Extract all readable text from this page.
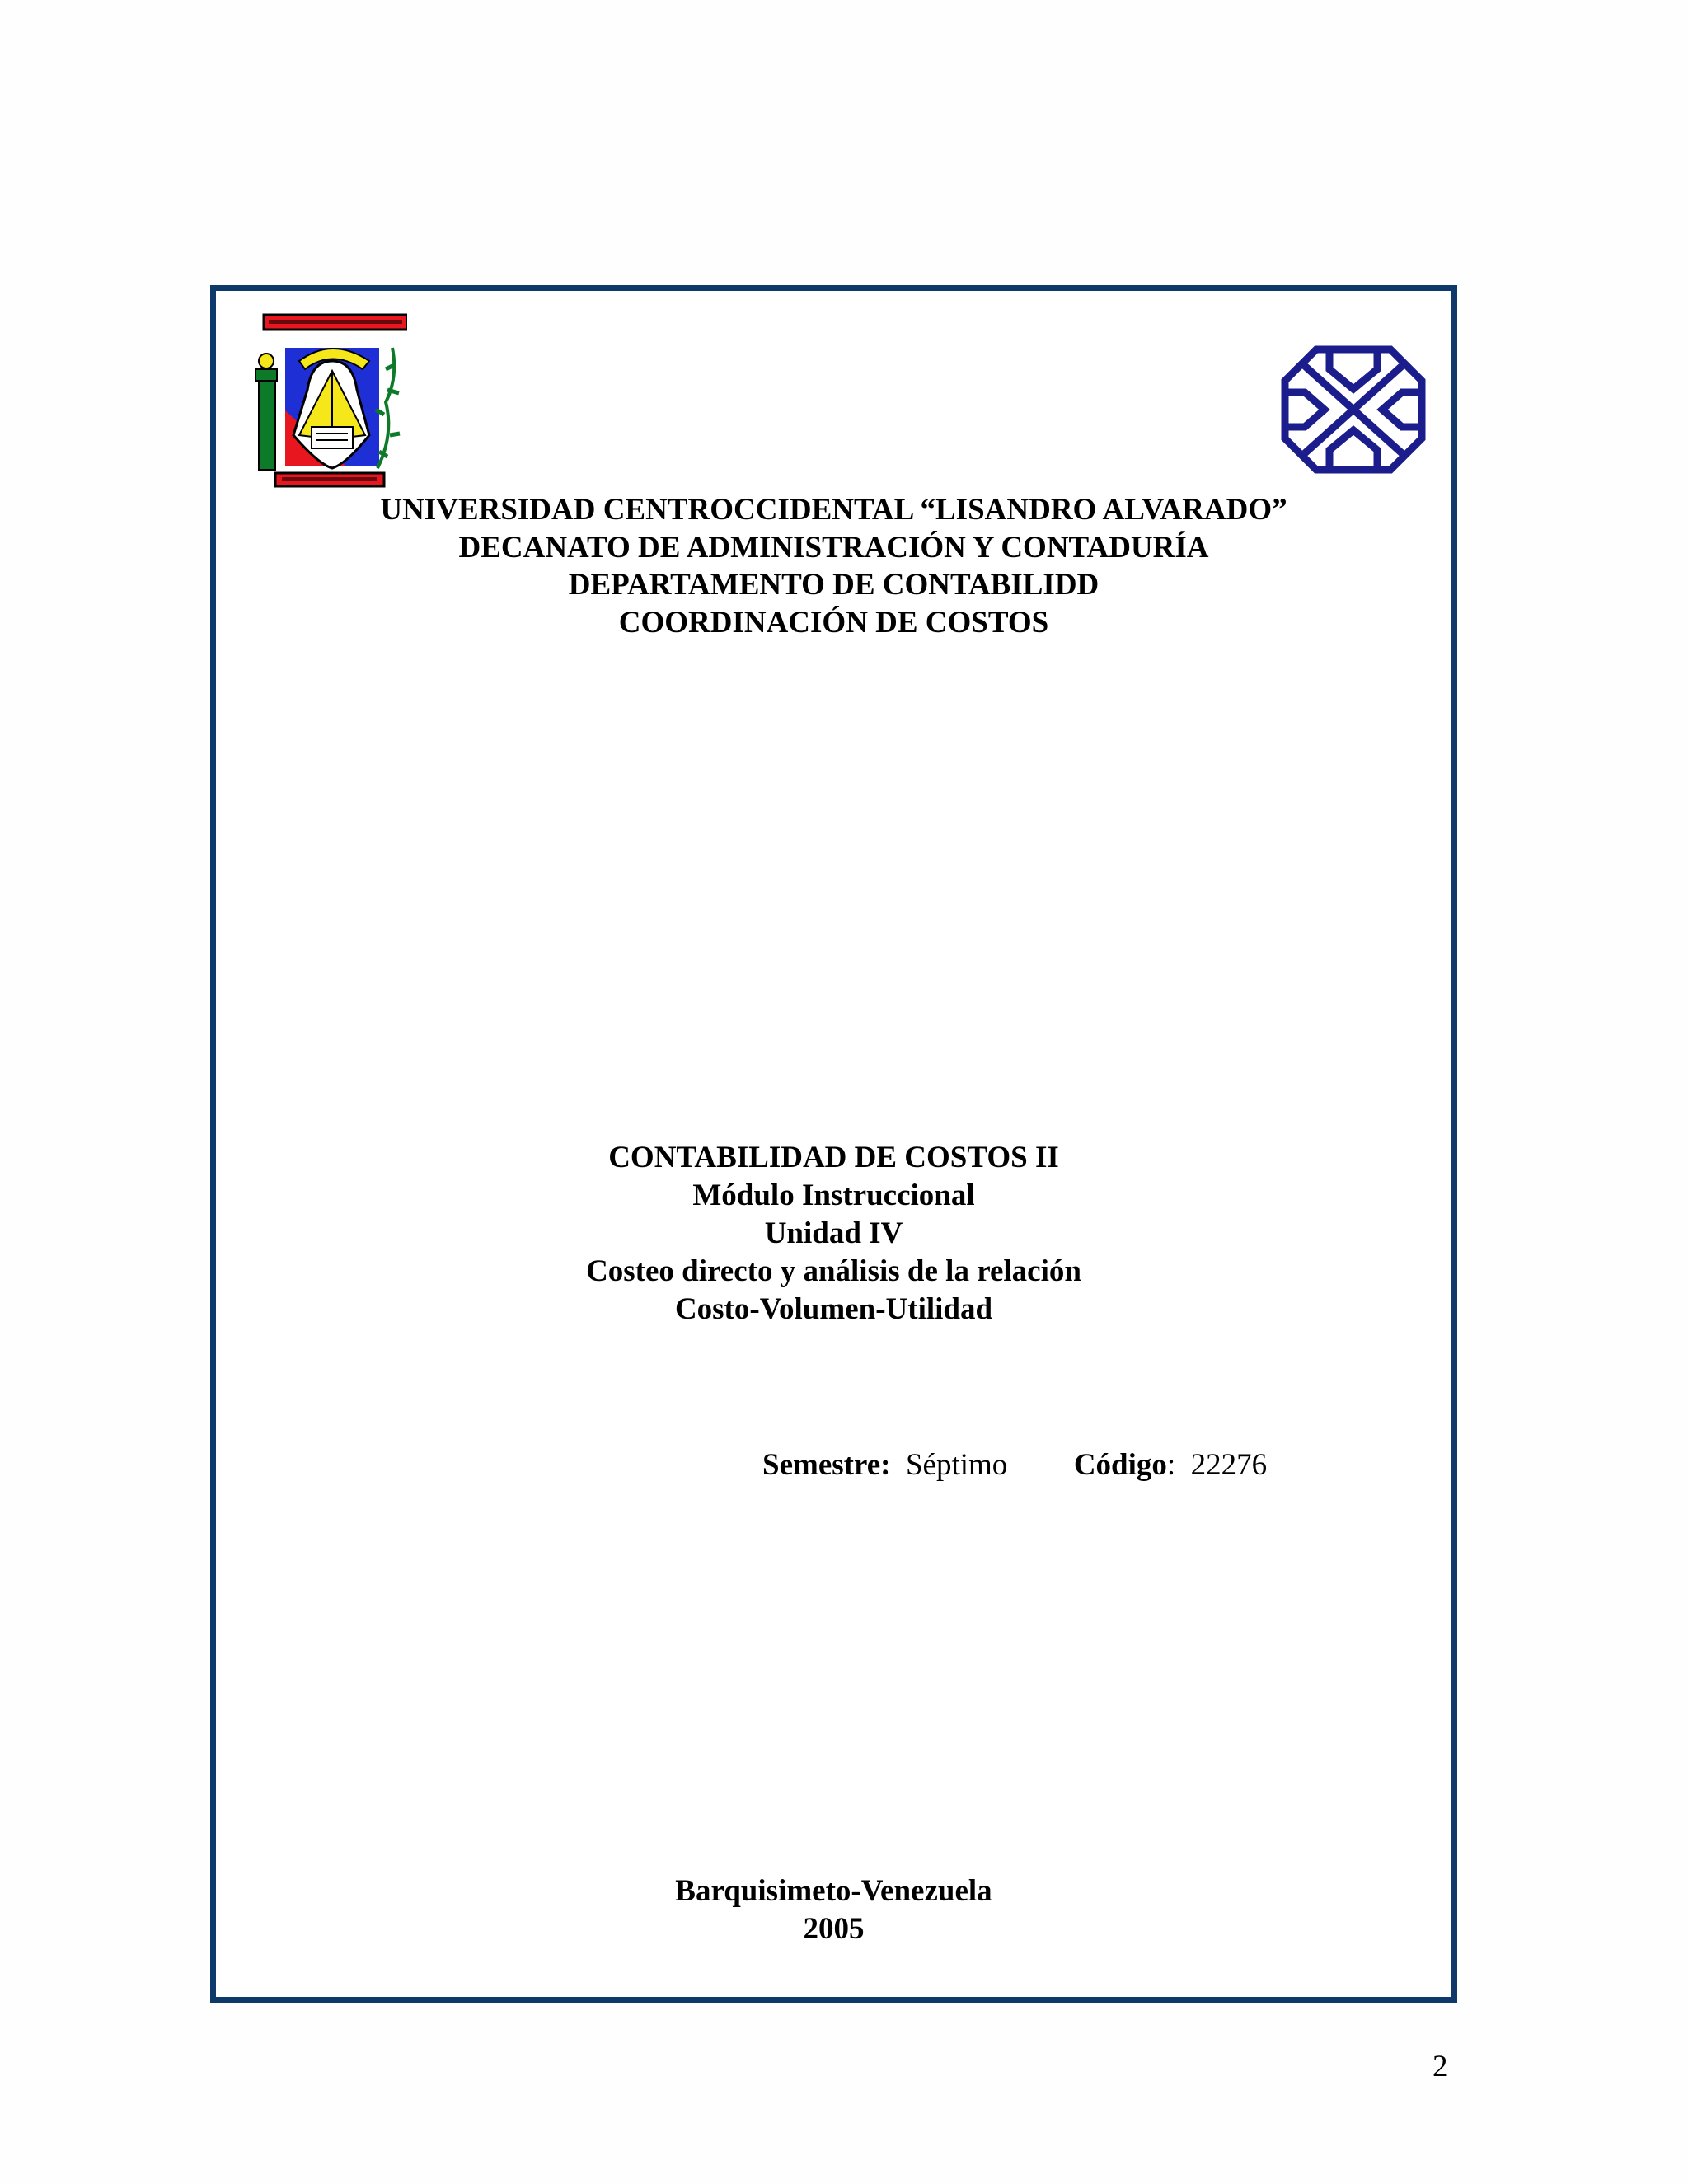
UNIVERSIDAD CENTROCCIDENTAL “LISANDRO ALVARADO”
DECANATO DE ADMINISTRACIÓN Y CONTADURÍA
DEPARTAMENTO DE CONTABILIDD
COORDINACIÓN DE COSTOS
CONTABILIDAD DE COSTOS II
Módulo Instruccional
Unidad IV
Costeo directo y análisis de la relación
Costo-Volumen-Utilidad
Semestre: Séptimo Código: 22276
Barquisimeto-Venezuela
2005
2
